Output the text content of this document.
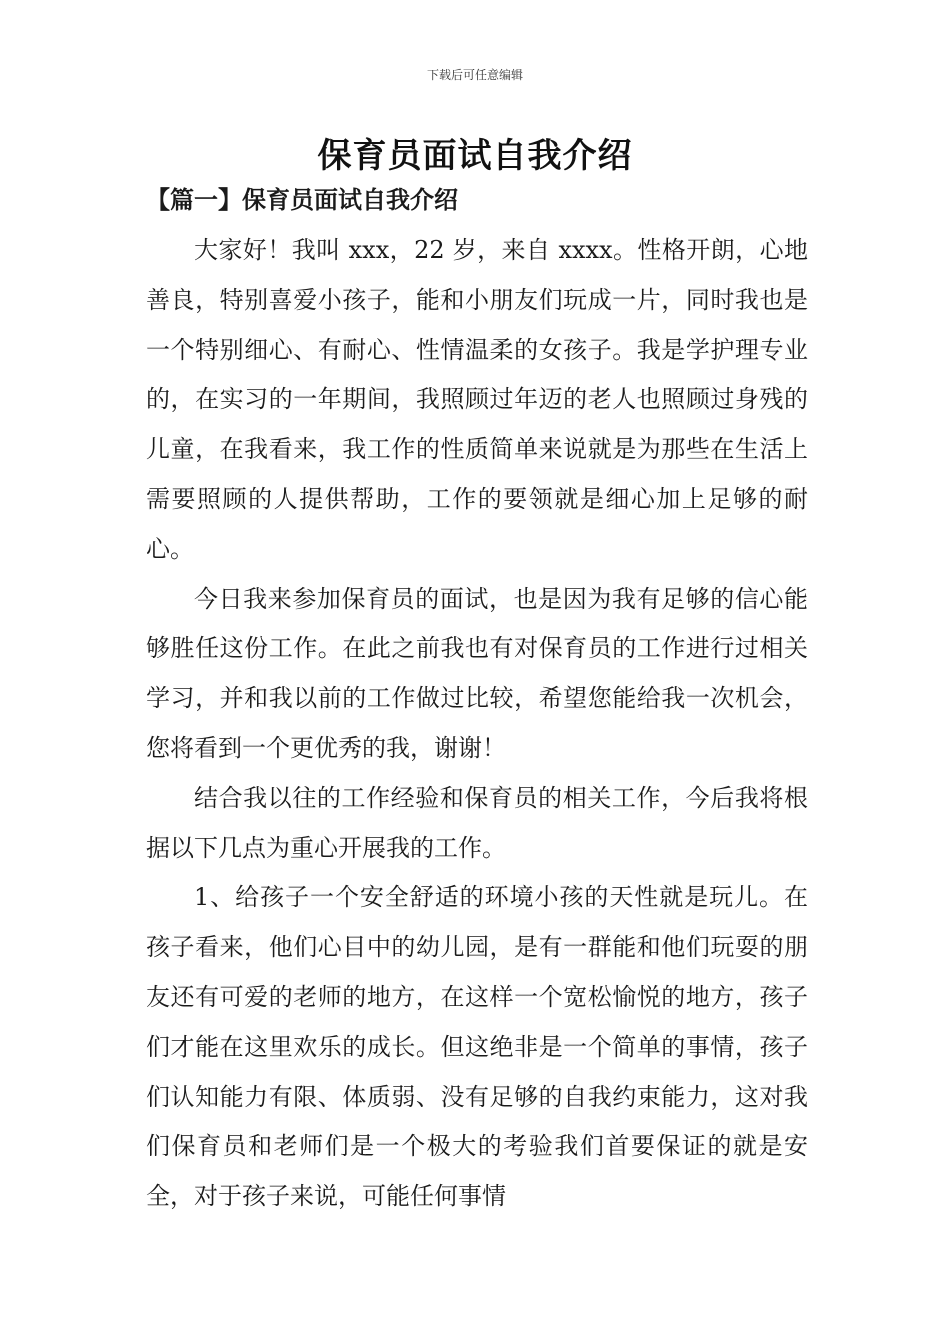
下载后可任意编辑
保育员面试自我介绍
【篇一】保育员面试自我介绍

大家好！我叫 xxx，22 岁，来自 xxxx。性格开朗，心地善良，特别喜爱小孩子，能和小朋友们玩成一片，同时我也是一个特别细心、有耐心、性情温柔的女孩子。我是学护理专业的，在实习的一年期间，我照顾过年迈的老人也照顾过身残的儿童，在我看来，我工作的性质简单来说就是为那些在生活上需要照顾的人提供帮助，工作的要领就是细心加上足够的耐心。

今日我来参加保育员的面试，也是因为我有足够的信心能够胜任这份工作。在此之前我也有对保育员的工作进行过相关学习，并和我以前的工作做过比较，希望您能给我一次机会，您将看到一个更优秀的我，谢谢！

结合我以往的工作经验和保育员的相关工作，今后我将根据以下几点为重心开展我的工作。

1、给孩子一个安全舒适的环境小孩的天性就是玩儿。在孩子看来，他们心目中的幼儿园，是有一群能和他们玩耍的朋友还有可爱的老师的地方，在这样一个宽松愉悦的地方，孩子们才能在这里欢乐的成长。但这绝非是一个简单的事情，孩子们认知能力有限、体质弱、没有足够的自我约束能力，这对我们保育员和老师们是一个极大的考验我们首要保证的就是安全，对于孩子来说，可能任何事情
